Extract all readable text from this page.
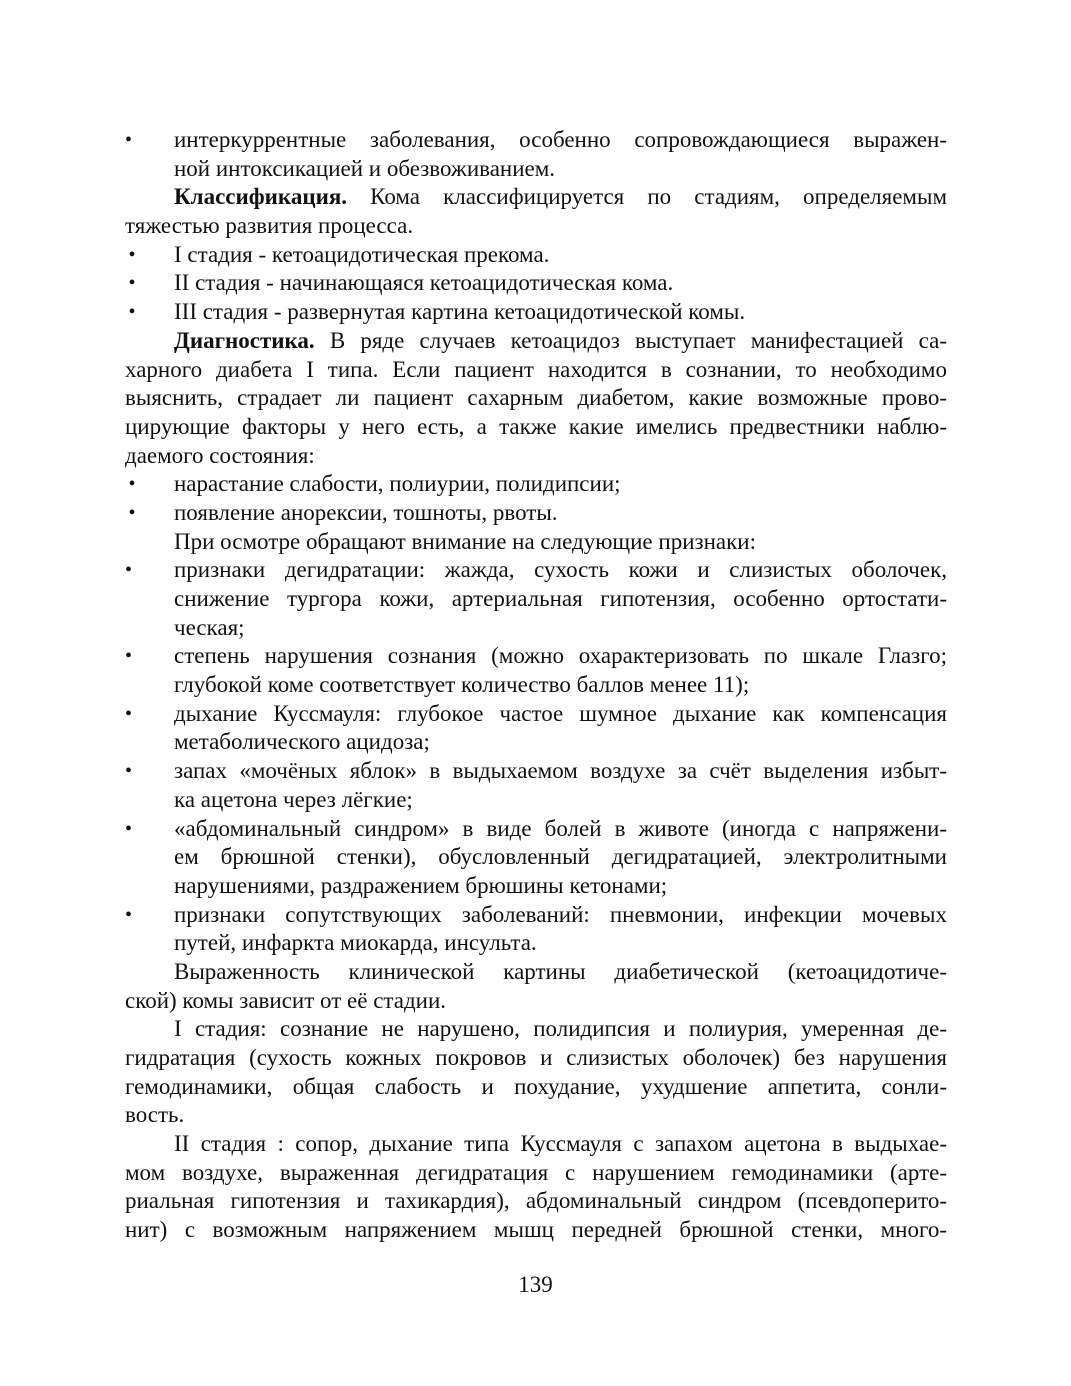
•	интеркуррентные заболевания, особенно сопровождающиеся выражен-
ной интоксикацией и обезвоживанием.
Классификация. Кома классифицируется по стадиям, определяемым
тяжестью развития процесса.
• I стадия - кетоацидотическая прекома.
• II стадия - начинающаяся кетоацидотическая кома.
• III стадия - развернутая картина кетоацидотической комы.
Диагностика. В ряде случаев кетоацидоз выступает манифестацией са-
харного диабета I типа. Если пациент находится в сознании, то необходимо
выяснить, страдает ли пациент сахарным диабетом, какие возможные прово-
цирующие факторы у него есть, а также какие имелись предвестники наблю-
даемого состояния:
• нарастание слабости, полиурии, полидипсии;
• появление анорексии, тошноты, рвоты.
При осмотре обращают внимание на следующие признаки:
•	признаки дегидратации: жажда, сухость кожи и слизистых оболочек,
снижение тургора кожи, артериальная гипотензия, особенно ортостати-
ческая;
•	степень нарушения сознания (можно охарактеризовать по шкале Глазго;
глубокой коме соответствует количество баллов менее 11);
•	дыхание Куссмауля: глубокое частое шумное дыхание как компенсация
метаболического ацидоза;
•	запах «мочёных яблок» в выдыхаемом воздухе за счёт выделения избыт-
ка ацетона через лёгкие;
•	«абдоминальный синдром» в виде болей в животе (иногда с напряжени-
ем брюшной стенки), обусловленный дегидратацией, электролитными
нарушениями, раздражением брюшины кетонами;
•	признаки сопутствующих заболеваний: пневмонии, инфекции мочевых
путей, инфаркта миокарда, инсульта.
Выраженность клинической картины диабетической (кетоацидотиче-
ской) комы зависит от её стадии.
I стадия: сознание не нарушено, полидипсия и полиурия, умеренная де-
гидратация (сухость кожных покровов и слизистых оболочек) без нарушения
гемодинамики, общая слабость и похудание, ухудшение аппетита, сонли-
вость.
II стадия : сопор, дыхание типа Куссмауля с запахом ацетона в выдыхае-
мом воздухе, выраженная дегидратация с нарушением гемодинамики (арте-
риальная гипотензия и тахикардия), абдоминальный синдром (псевдоперито-
нит) с возможным напряжением мышц передней брюшной стенки, много-
139
